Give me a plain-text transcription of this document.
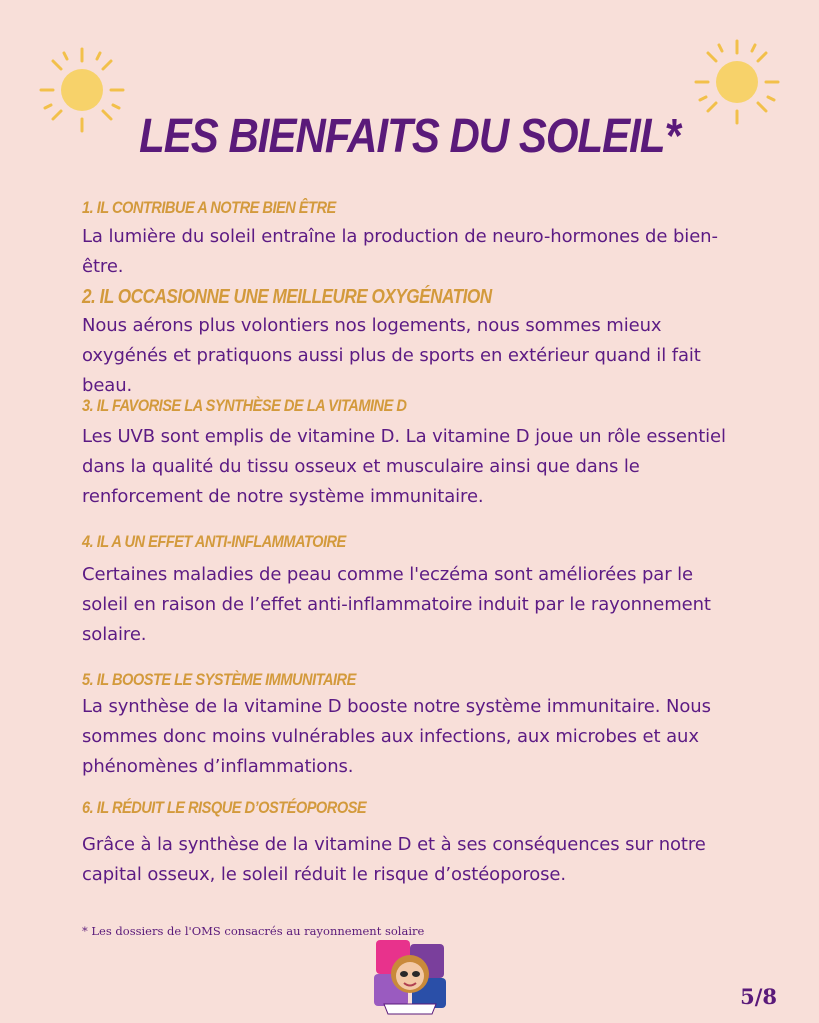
LES BIENFAITS DU SOLEIL*
1. IL CONTRIBUE A NOTRE BIEN ÊTRE
La lumière du soleil entraîne la production de neuro-hormones de bien-être.
2. IL OCCASIONNE UNE MEILLEURE OXYGÉNATION
Nous aérons plus volontiers nos logements, nous sommes mieux oxygénés et pratiquons aussi plus de sports en extérieur quand il fait beau.
3. IL FAVORISE LA SYNTHÈSE DE LA VITAMINE D
Les UVB sont emplis de vitamine D. La vitamine D joue un rôle essentiel dans la qualité du tissu osseux et musculaire ainsi que dans le renforcement de notre système immunitaire.
4. IL A UN EFFET ANTI-INFLAMMATOIRE
Certaines maladies de peau comme l'eczéma sont améliorées par le soleil en raison de l’effet anti-inflammatoire induit par le rayonnement solaire.
5. IL BOOSTE LE SYSTÈME IMMUNITAIRE
La synthèse de la vitamine D booste notre système immunitaire. Nous sommes donc moins vulnérables aux infections, aux microbes et aux phénomènes d’inflammations.
6. IL RÉDUIT LE RISQUE D’OSTÉOPOROSE
Grâce à la synthèse de la vitamine D et à ses conséquences sur notre capital osseux, le soleil réduit le risque d’ostéoporose.
* Les dossiers de l'OMS consacrés au rayonnement solaire
5/8
